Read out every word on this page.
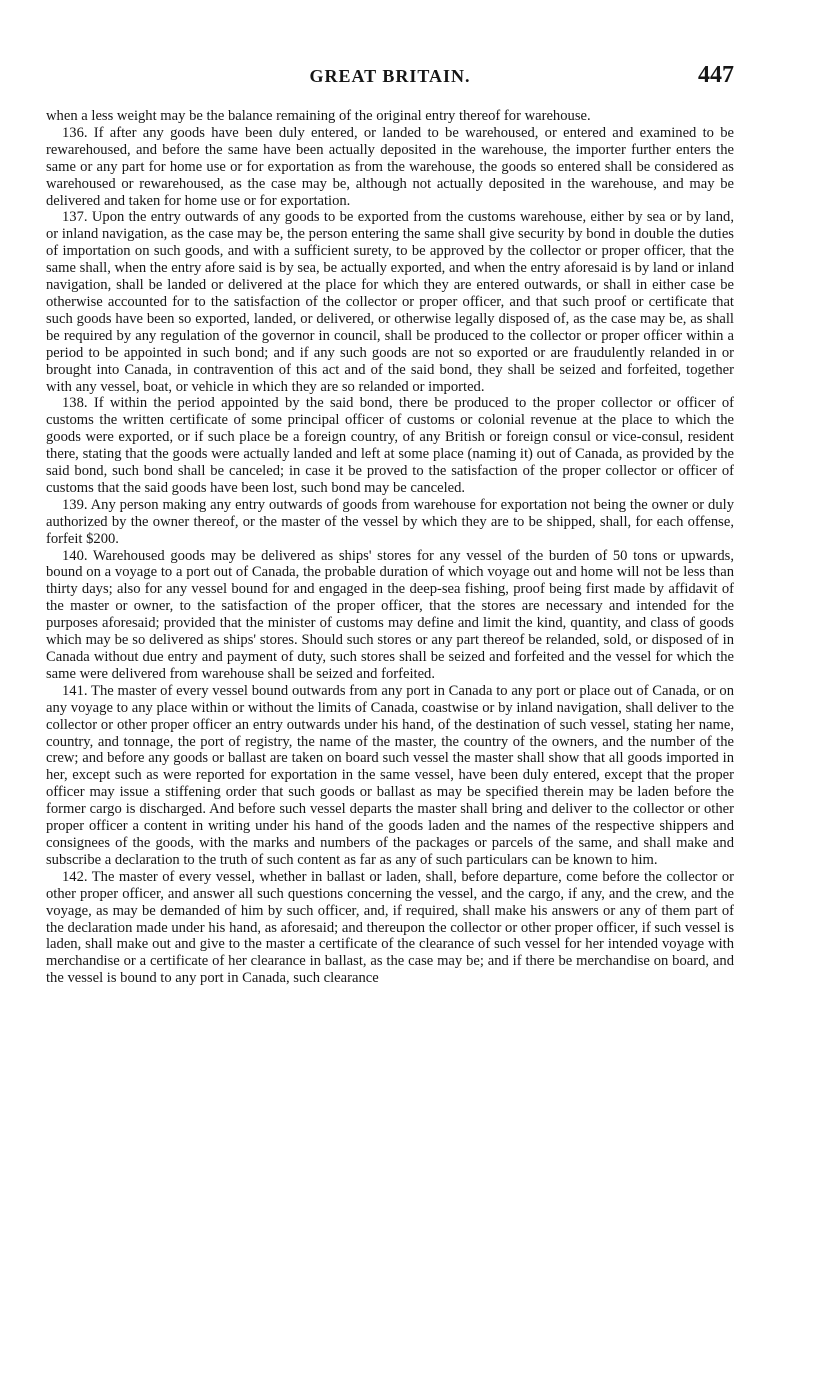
GREAT BRITAIN.	447

when a less weight may be the balance remaining of the original entry thereof for warehouse.

136. If after any goods have been duly entered, or landed to be warehoused, or entered and examined to be rewarehoused, and before the same have been actually deposited in the warehouse, the importer further enters the same or any part for home use or for exportation as from the warehouse, the goods so entered shall be considered as warehoused or rewarehoused, as the case may be, although not actually deposited in the warehouse, and may be delivered and taken for home use or for exportation.

137. Upon the entry outwards of any goods to be exported from the customs warehouse, either by sea or by land, or inland navigation, as the case may be, the person entering the same shall give security by bond in double the duties of importation on such goods, and with a sufficient surety, to be approved by the collector or proper officer, that the same shall, when the entry afore said is by sea, be actually exported, and when the entry aforesaid is by land or inland navigation, shall be landed or delivered at the place for which they are entered outwards, or shall in either case be otherwise accounted for to the satisfaction of the collector or proper officer, and that such proof or certificate that such goods have been so exported, landed, or delivered, or otherwise legally disposed of, as the case may be, as shall be required by any regulation of the governor in council, shall be produced to the collector or proper officer within a period to be appointed in such bond; and if any such goods are not so exported or are fraudulently relanded in or brought into Canada, in contravention of this act and of the said bond, they shall be seized and forfeited, together with any vessel, boat, or vehicle in which they are so relanded or imported.

138. If within the period appointed by the said bond, there be produced to the proper collector or officer of customs the written certificate of some principal officer of customs or colonial revenue at the place to which the goods were exported, or if such place be a foreign country, of any British or foreign consul or vice-consul, resident there, stating that the goods were actually landed and left at some place (naming it) out of Canada, as provided by the said bond, such bond shall be canceled; in case it be proved to the satisfaction of the proper collector or officer of customs that the said goods have been lost, such bond may be canceled.

139. Any person making any entry outwards of goods from warehouse for exportation not being the owner or duly authorized by the owner thereof, or the master of the vessel by which they are to be shipped, shall, for each offense, forfeit $200.

140. Warehoused goods may be delivered as ships' stores for any vessel of the burden of 50 tons or upwards, bound on a voyage to a port out of Canada, the probable duration of which voyage out and home will not be less than thirty days; also for any vessel bound for and engaged in the deep-sea fishing, proof being first made by affidavit of the master or owner, to the satisfaction of the proper officer, that the stores are necessary and intended for the purposes aforesaid; provided that the minister of customs may define and limit the kind, quantity, and class of goods which may be so delivered as ships' stores. Should such stores or any part thereof be relanded, sold, or disposed of in Canada without due entry and payment of duty, such stores shall be seized and forfeited and the vessel for which the same were delivered from warehouse shall be seized and forfeited.

141. The master of every vessel bound outwards from any port in Canada to any port or place out of Canada, or on any voyage to any place within or without the limits of Canada, coastwise or by inland navigation, shall deliver to the collector or other proper officer an entry outwards under his hand, of the destination of such vessel, stating her name, country, and tonnage, the port of registry, the name of the master, the country of the owners, and the number of the crew; and before any goods or ballast are taken on board such vessel the master shall show that all goods imported in her, except such as were reported for exportation in the same vessel, have been duly entered, except that the proper officer may issue a stiffening order that such goods or ballast as may be specified therein may be laden before the former cargo is discharged. And before such vessel departs the master shall bring and deliver to the collector or other proper officer a content in writing under his hand of the goods laden and the names of the respective shippers and consignees of the goods, with the marks and numbers of the packages or parcels of the same, and shall make and subscribe a declaration to the truth of such content as far as any of such particulars can be known to him.

142. The master of every vessel, whether in ballast or laden, shall, before departure, come before the collector or other proper officer, and answer all such questions concerning the vessel, and the cargo, if any, and the crew, and the voyage, as may be demanded of him by such officer, and, if required, shall make his answers or any of them part of the declaration made under his hand, as aforesaid; and thereupon the collector or other proper officer, if such vessel is laden, shall make out and give to the master a certificate of the clearance of such vessel for her intended voyage with merchandise or a certificate of her clearance in ballast, as the case may be; and if there be merchandise on board, and the vessel is bound to any port in Canada, such clearance
